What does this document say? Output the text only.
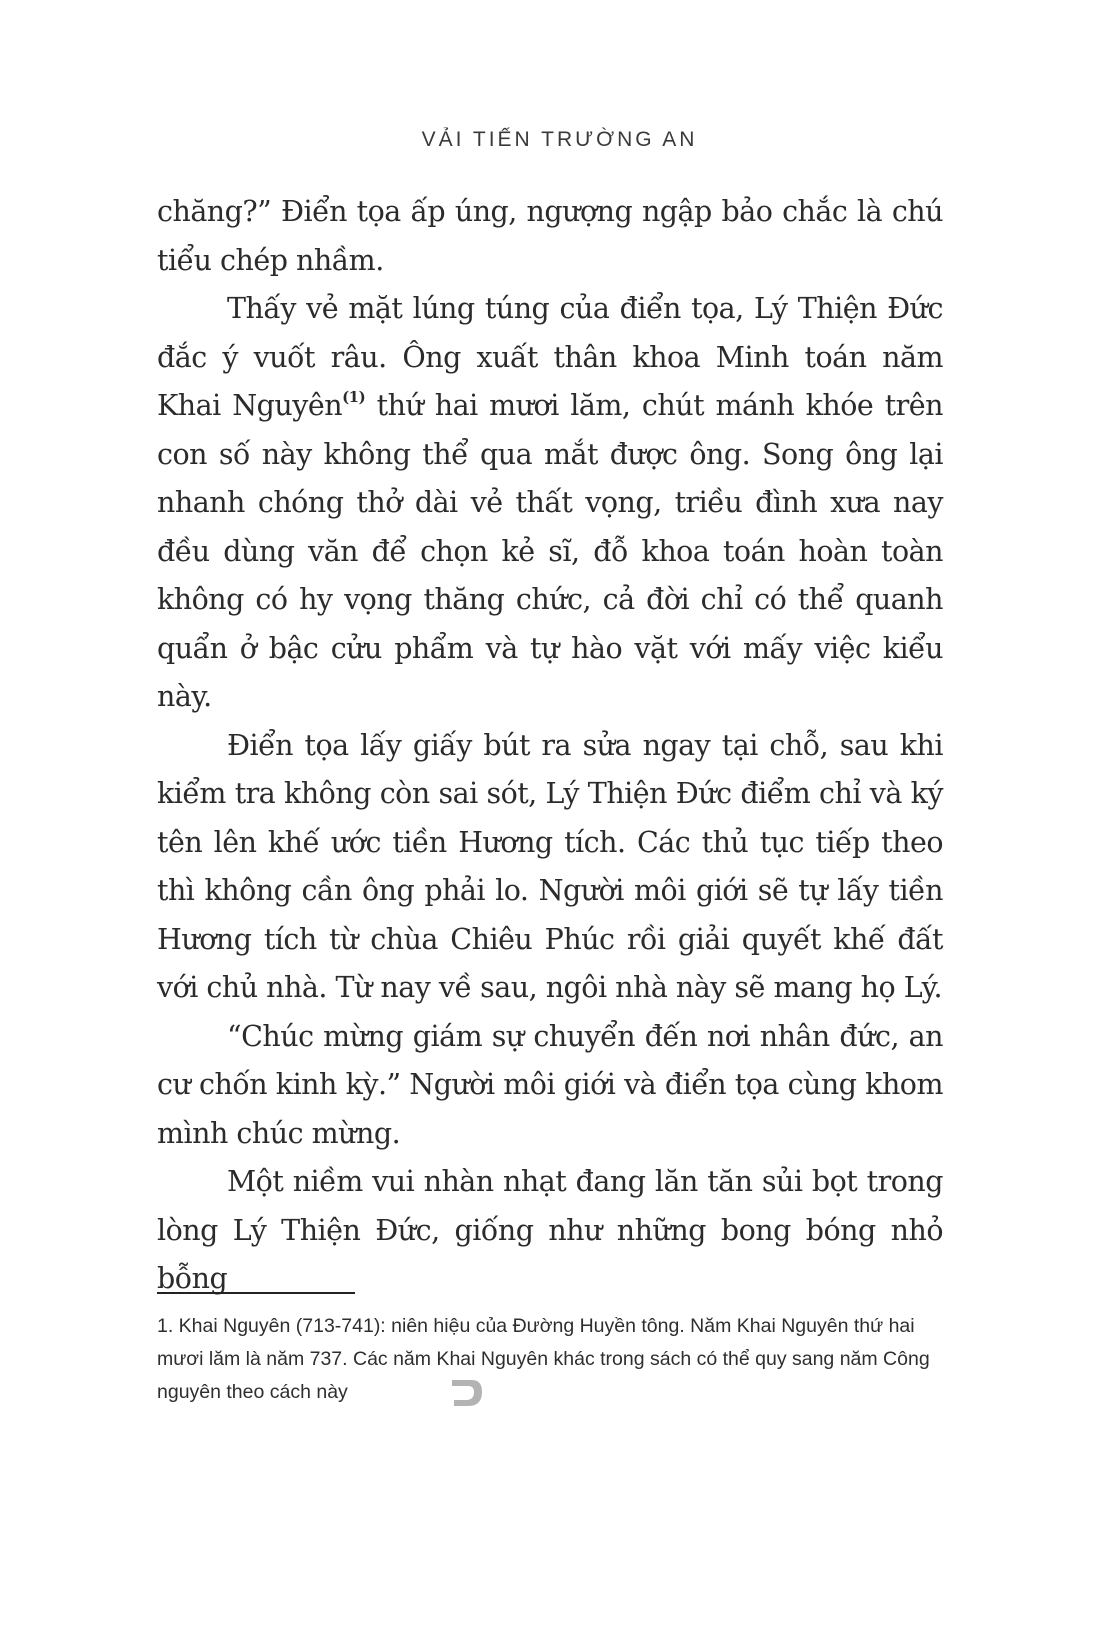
VẢI TIẾN TRƯỜNG AN

chăng?” Điển tọa ấp úng, ngượng ngập bảo chắc là chú tiểu chép nhầm.

Thấy vẻ mặt lúng túng của điển tọa, Lý Thiện Đức đắc ý vuốt râu. Ông xuất thân khoa Minh toán năm Khai Nguyên$^{(1)}$ thứ hai mươi lăm, chút mánh khóe trên con số này không thể qua mắt được ông. Song ông lại nhanh chóng thở dài vẻ thất vọng, triều đình xưa nay đều dùng văn để chọn kẻ sĩ, đỗ khoa toán hoàn toàn không có hy vọng thăng chức, cả đời chỉ có thể quanh quẩn ở bậc cửu phẩm và tự hào vặt với mấy việc kiểu này.

Điển tọa lấy giấy bút ra sửa ngay tại chỗ, sau khi kiểm tra không còn sai sót, Lý Thiện Đức điểm chỉ và ký tên lên khế ước tiền Hương tích. Các thủ tục tiếp theo thì không cần ông phải lo. Người môi giới sẽ tự lấy tiền Hương tích từ chùa Chiêu Phúc rồi giải quyết khế đất với chủ nhà. Từ nay về sau, ngôi nhà này sẽ mang họ Lý.

“Chúc mừng giám sự chuyển đến nơi nhân đức, an cư chốn kinh kỳ.” Người môi giới và điển tọa cùng khom mình chúc mừng.

Một niềm vui nhàn nhạt đang lăn tăn sủi bọt trong lòng Lý Thiện Đức, giống như những bong bóng nhỏ bỗng

1. Khai Nguyên (713-741): niên hiệu của Đường Huyền tông. Năm Khai Nguyên thứ hai mươi lăm là năm 737. Các năm Khai Nguyên khác trong sách có thể quy sang năm Công nguyên theo cách này
